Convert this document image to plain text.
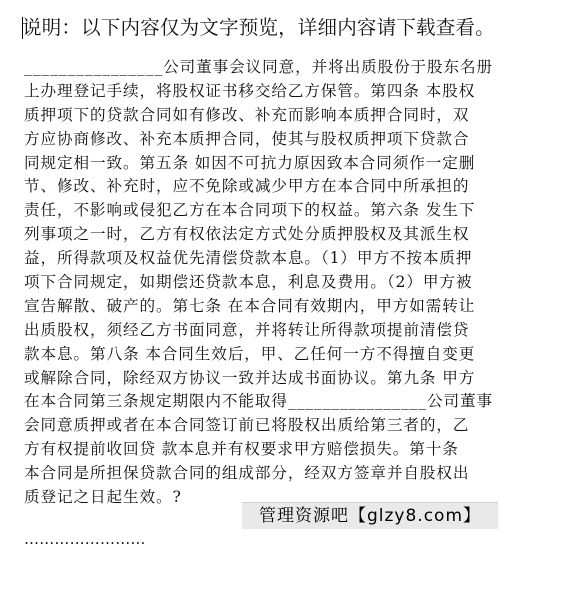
说明：以下内容仅为文字预览，详细内容请下载查看。
________________公司董事会议同意，并将出质股份于股东名册
上办理登记手续，将股权证书移交给乙方保管。第四条 本股权
质押项下的贷款合同如有修改、补充而影响本质押合同时，双
方应协商修改、补充本质押合同，使其与股权质押项下贷款合
同规定相一致。第五条 如因不可抗力原因致本合同须作一定删
节、修改、补充时，应不免除或减少甲方在本合同中所承担的
责任，不影响或侵犯乙方在本合同项下的权益。第六条 发生下
列事项之一时，乙方有权依法定方式处分质押股权及其派生权
益，所得款项及权益优先清偿贷款本息。（1）甲方不按本质押
项下合同规定，如期偿还贷款本息，利息及费用。（2）甲方被
宣告解散、破产的。第七条 在本合同有效期内，甲方如需转让
出质股权，须经乙方书面同意，并将转让所得款项提前清偿贷
款本息。第八条 本合同生效后，甲、乙任何一方不得擅自变更
或解除合同，除经双方协议一致并达成书面协议。第九条 甲方
在本合同第三条规定期限内不能取得________________公司董事
会同意质押或者在本合同签订前已将股权出质给第三者的，乙
方有权提前收回贷 款本息并有权要求甲方赔偿损失。第十条
本合同是所担保贷款合同的组成部分，经双方签章并自股权出
质登记之日起生效。?
管理资源吧【glzy8.com】
……………………
